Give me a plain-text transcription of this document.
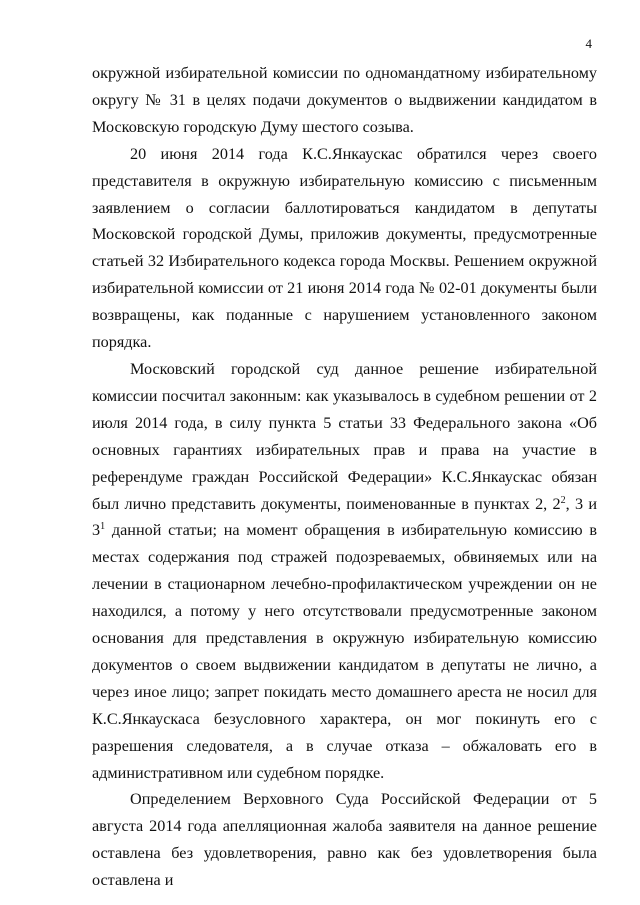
4

окружной избирательной комиссии по одномандатному избирательному округу № 31 в целях подачи документов о выдвижении кандидатом в Московскую городскую Думу шестого созыва.

20 июня 2014 года К.С.Янкаускас обратился через своего представителя в окружную избирательную комиссию с письменным заявлением о согласии баллотироваться кандидатом в депутаты Московской городской Думы, приложив документы, предусмотренные статьей 32 Избирательного кодекса города Москвы. Решением окружной избирательной комиссии от 21 июня 2014 года № 02-01 документы были возвращены, как поданные с нарушением установленного законом порядка.

Московский городской суд данное решение избирательной комиссии посчитал законным: как указывалось в судебном решении от 2 июля 2014 года, в силу пункта 5 статьи 33 Федерального закона «Об основных гарантиях избирательных прав и права на участие в референдуме граждан Российской Федерации» К.С.Янкаускас обязан был лично представить документы, поименованные в пунктах 2, $2^2$, 3 и $3^1$ данной статьи; на момент обращения в избирательную комиссию в местах содержания под стражей подозреваемых, обвиняемых или на лечении в стационарном лечебно-профилактическом учреждении он не находился, а потому у него отсутствовали предусмотренные законом основания для представления в окружную избирательную комиссию документов о своем выдвижении кандидатом в депутаты не лично, а через иное лицо; запрет покидать место домашнего ареста не носил для К.С.Янкаускаса безусловного характера, он мог покинуть его с разрешения следователя, а в случае отказа – обжаловать его в административном или судебном порядке.

Определением Верховного Суда Российской Федерации от 5 августа 2014 года апелляционная жалоба заявителя на данное решение оставлена без удовлетворения, равно как без удовлетворения была оставлена и
